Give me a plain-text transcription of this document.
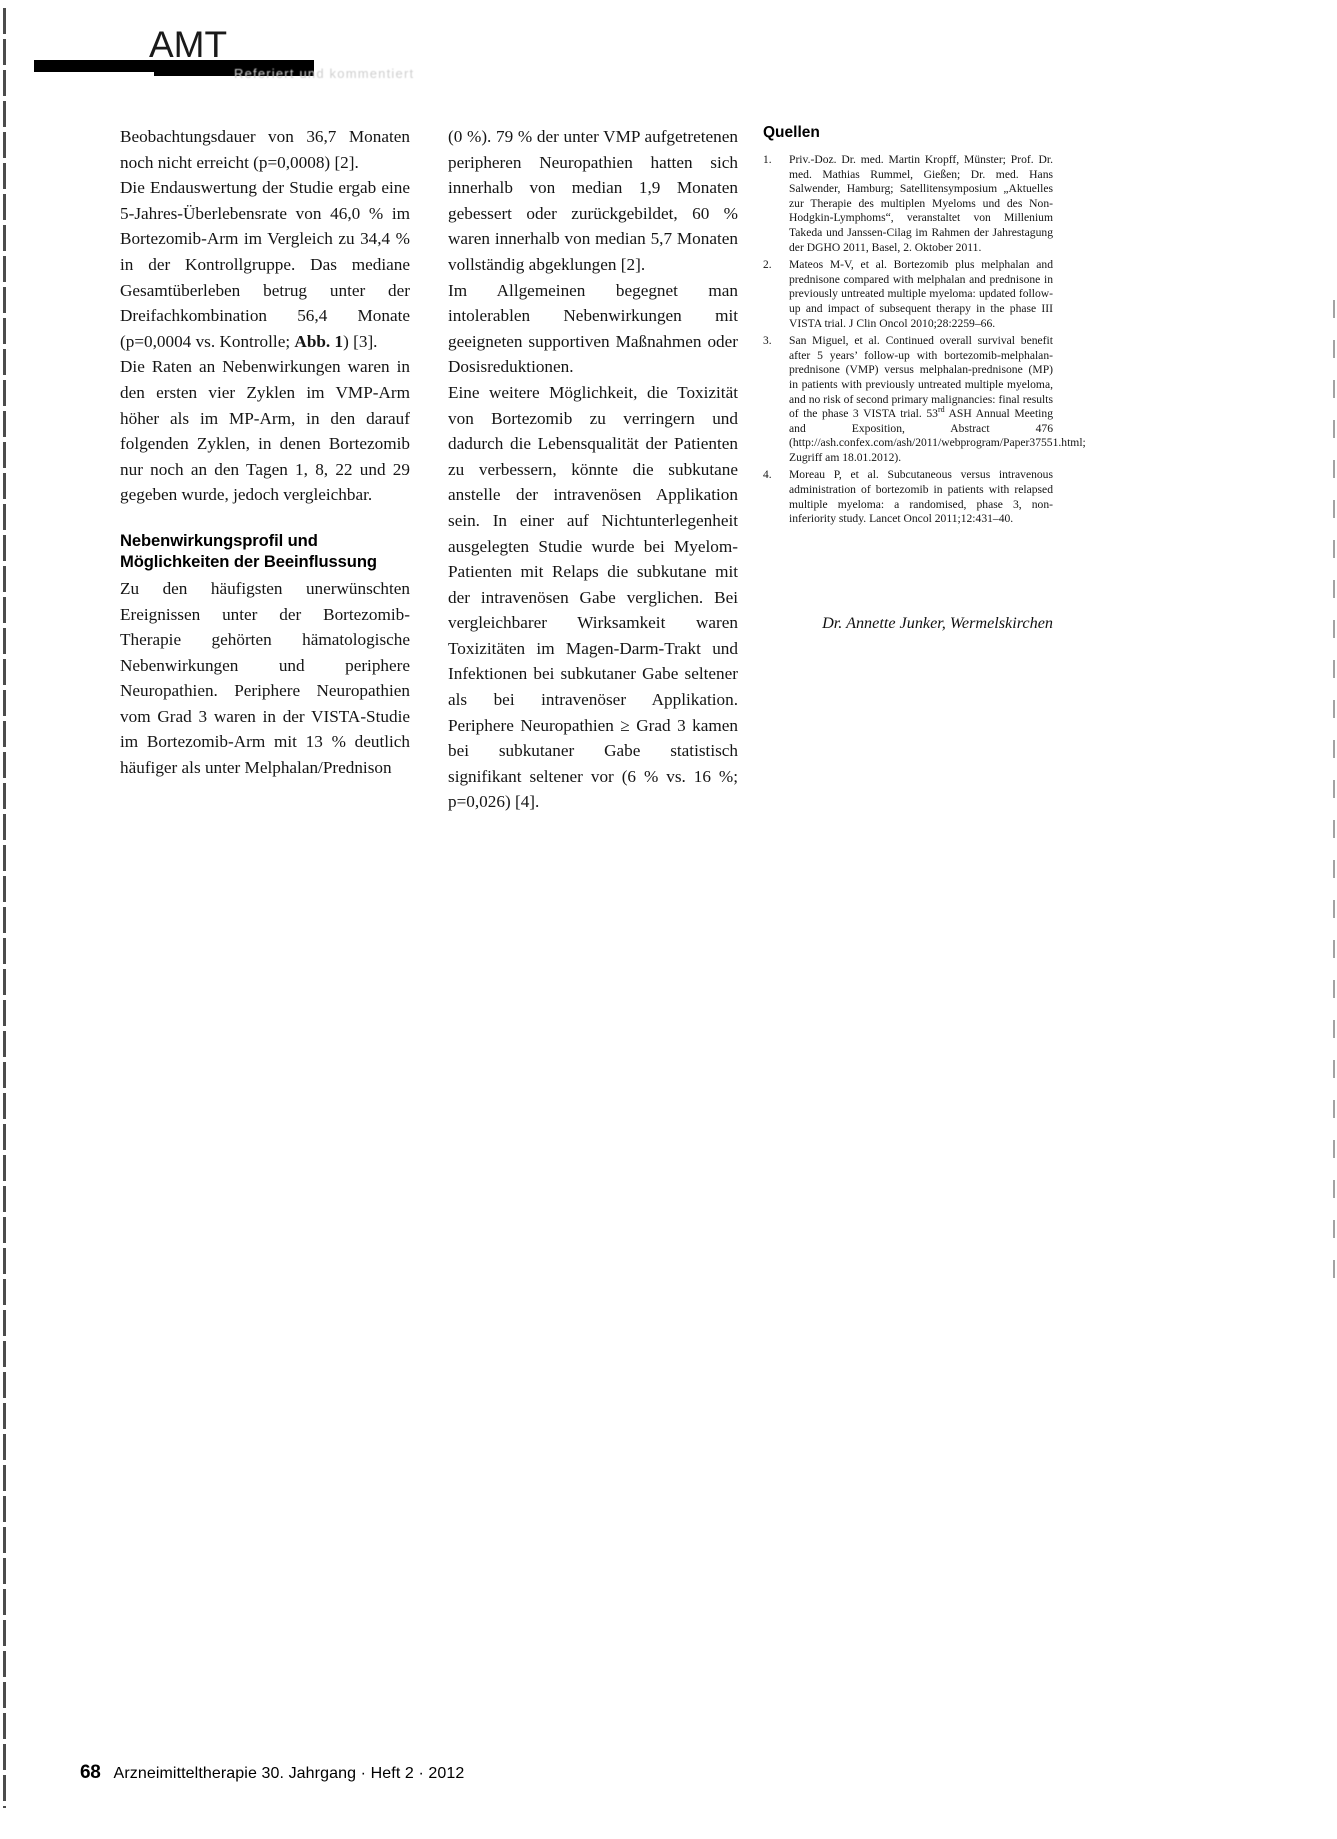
AMT
Referiert und kommentiert

Beobachtungsdauer von 36,7 Monaten noch nicht erreicht (p=0,0008) [2].

Die Endauswertung der Studie ergab eine 5-Jahres-Überlebensrate von 46,0 % im Bortezomib-Arm im Vergleich zu 34,4 % in der Kontrollgruppe. Das mediane Gesamtüberleben betrug unter der Dreifachkombination 56,4 Monate (p=0,0004 vs. Kontrolle; Abb. 1) [3].

Die Raten an Nebenwirkungen waren in den ersten vier Zyklen im VMP-Arm höher als im MP-Arm, in den darauf folgenden Zyklen, in denen Bortezomib nur noch an den Tagen 1, 8, 22 und 29 gegeben wurde, jedoch vergleichbar.

Nebenwirkungsprofil und
Möglichkeiten der Beeinflussung

Zu den häufigsten unerwünschten Ereignissen unter der Bortezomib-Therapie gehörten hämatologische Nebenwirkungen und periphere Neuropathien. Periphere Neuropathien vom Grad 3 waren in der VISTA-Studie im Bortezomib-Arm mit 13 % deutlich häufiger als unter Melphalan/Prednison

(0 %). 79 % der unter VMP aufgetretenen peripheren Neuropathien hatten sich innerhalb von median 1,9 Monaten gebessert oder zurückgebildet, 60 % waren innerhalb von median 5,7 Monaten vollständig abgeklungen [2].

Im Allgemeinen begegnet man intolerablen Nebenwirkungen mit geeigneten supportiven Maßnahmen oder Dosisreduktionen.

Eine weitere Möglichkeit, die Toxizität von Bortezomib zu verringern und dadurch die Lebensqualität der Patienten zu verbessern, könnte die subkutane anstelle der intravenösen Applikation sein. In einer auf Nichtunterlegenheit ausgelegten Studie wurde bei Myelom-Patienten mit Relaps die subkutane mit der intravenösen Gabe verglichen. Bei vergleichbarer Wirksamkeit waren Toxizitäten im Magen-Darm-Trakt und Infektionen bei subkutaner Gabe seltener als bei intravenöser Applikation. Periphere Neuropathien ≥ Grad 3 kamen bei subkutaner Gabe statistisch signifikant seltener vor (6 % vs. 16 %; p=0,026) [4].

Quellen
Priv.-Doz. Dr. med. Martin Kropff, Münster; Prof. Dr. med. Mathias Rummel, Gießen; Dr. med. Hans Salwender, Hamburg; Satellitensymposium „Aktuelles zur Therapie des multiplen Myeloms und des Non-Hodgkin-Lymphoms“, veranstaltet von Millenium Takeda und Janssen-Cilag im Rahmen der Jahrestagung der DGHO 2011, Basel, 2. Oktober 2011.
Mateos M-V, et al. Bortezomib plus melphalan and prednisone compared with melphalan and prednisone in previously untreated multiple myeloma: updated follow-up and impact of subsequent therapy in the phase III VISTA trial. J Clin Oncol 2010;28:2259–66.
San Miguel, et al. Continued overall survival benefit after 5 years’ follow-up with bortezomib-melphalan-prednisone (VMP) versus melphalan-prednisone (MP) in patients with previously untreated multiple myeloma, and no risk of second primary malignancies: final results of the phase 3 VISTA trial. 53rd ASH Annual Meeting and Exposition, Abstract 476 (http://ash.confex.com/ash/2011/webprogram/Paper37551.html; Zugriff am 18.01.2012).
Moreau P, et al. Subcutaneous versus intravenous administration of bortezomib in patients with relapsed multiple myeloma: a randomised, phase 3, non-inferiority study. Lancet Oncol 2011;12:431–40.
Dr. Annette Junker, Wermelskirchen
68 Arzneimitteltherapie 30. Jahrgang · Heft 2 · 2012
